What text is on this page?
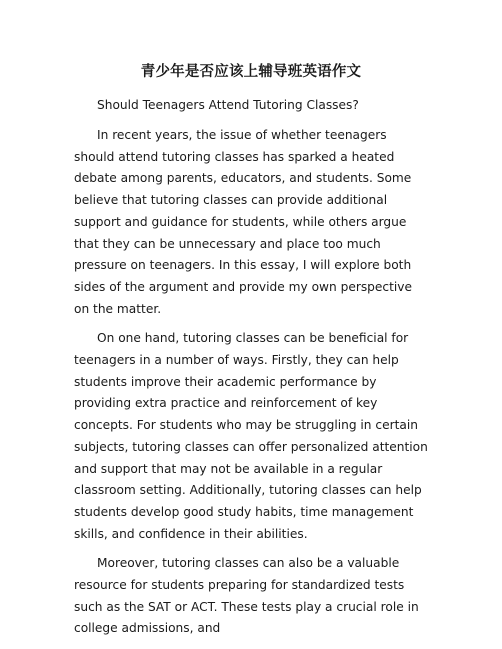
青少年是否应该上辅导班英语作文

Should Teenagers Attend Tutoring Classes?

In recent years, the issue of whether teenagers should attend tutoring classes has sparked a heated debate among parents, educators, and students. Some believe that tutoring classes can provide additional support and guidance for students, while others argue that they can be unnecessary and place too much pressure on teenagers. In this essay, I will explore both sides of the argument and provide my own perspective on the matter.

On one hand, tutoring classes can be beneficial for teenagers in a number of ways. Firstly, they can help students improve their academic performance by providing extra practice and reinforcement of key concepts. For students who may be struggling in certain subjects, tutoring classes can offer personalized attention and support that may not be available in a regular classroom setting. Additionally, tutoring classes can help students develop good study habits, time management skills, and confidence in their abilities.

Moreover, tutoring classes can also be a valuable resource for students preparing for standardized tests such as the SAT or ACT. These tests play a crucial role in college admissions, and
